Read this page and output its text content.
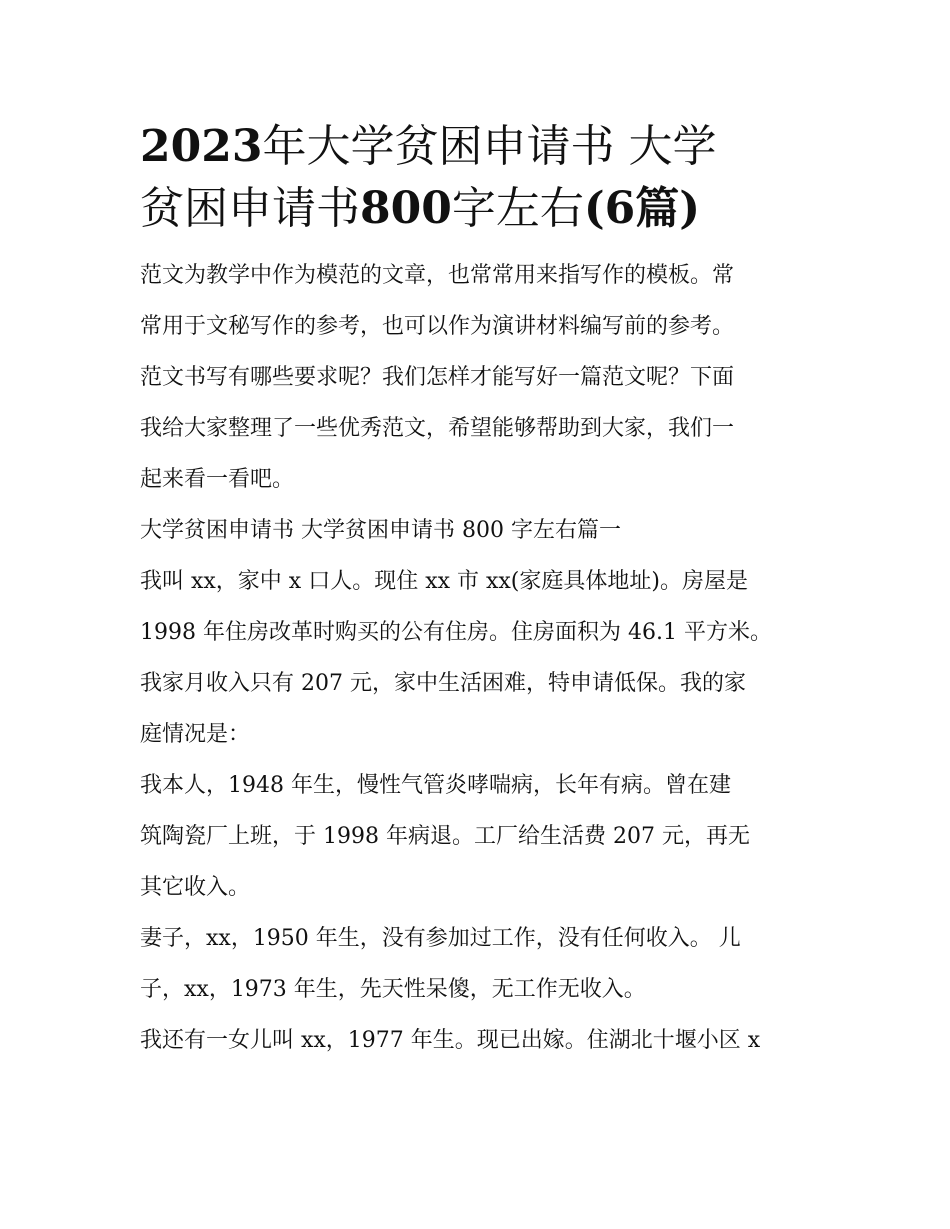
2023年大学贫困申请书 大学
贫困申请书800字左右(6篇)

范文为教学中作为模范的文章，也常常用来指写作的模板。常
常用于文秘写作的参考，也可以作为演讲材料编写前的参考。
范文书写有哪些要求呢？我们怎样才能写好一篇范文呢？下面
我给大家整理了一些优秀范文，希望能够帮助到大家，我们一
起来看一看吧。

大学贫困申请书 大学贫困申请书 800 字左右篇一

我叫 xx，家中 x 口人。现住 xx 市 xx(家庭具体地址)。房屋是
1998 年住房改革时购买的公有住房。住房面积为 46.1 平方米。
我家月收入只有 207 元，家中生活困难，特申请低保。我的家
庭情况是：

我本人，1948 年生，慢性气管炎哮喘病，长年有病。曾在建
筑陶瓷厂上班，于 1998 年病退。工厂给生活费 207 元，再无
其它收入。

妻子，xx，1950 年生，没有参加过工作，没有任何收入。 儿
子，xx，1973 年生，先天性呆傻，无工作无收入。

我还有一女儿叫 xx，1977 年生。现已出嫁。住湖北十堰小区 x
